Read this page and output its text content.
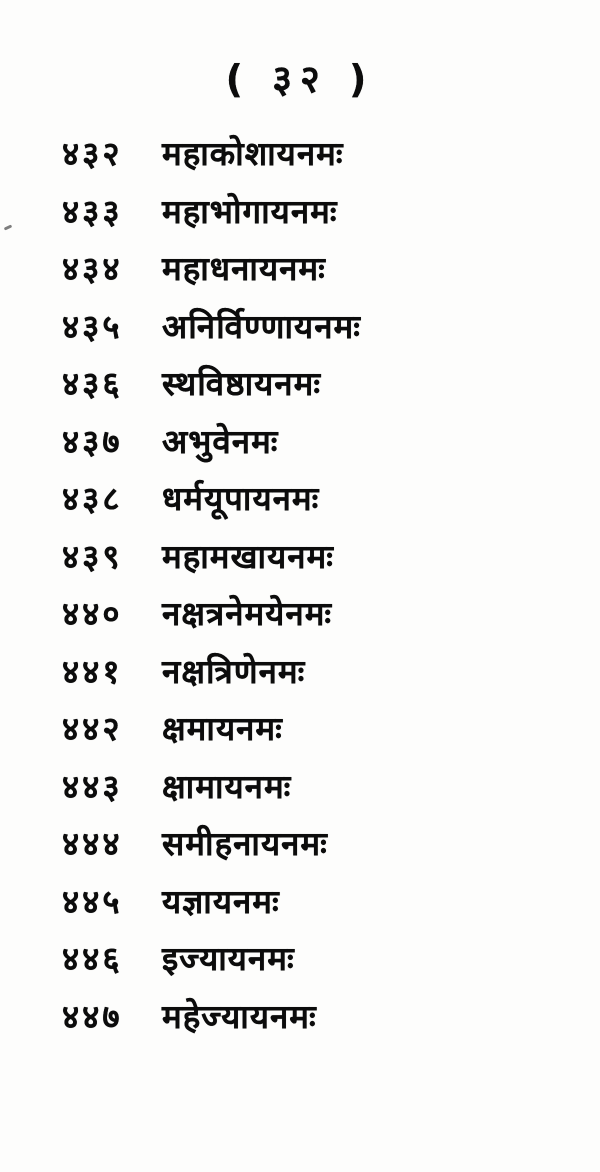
( ३२ )
४३२	महाकोशायनमः
४३३	महाभोगायनमः
४३४	महाधनायनमः
४३५	अनिर्विण्णायनमः
४३६	स्थविष्ठायनमः
४३७	अभुवेनमः
४३८	धर्मयूपायनमः
४३९	महामखायनमः
४४०	नक्षत्रनेमयेनमः
४४१	नक्षत्रिणेनमः
४४२	क्षमायनमः
४४३	क्षामायनमः
४४४	समीहनायनमः
४४५	यज्ञायनमः
४४६	इज्यायनमः
४४७	महेज्यायनमः
